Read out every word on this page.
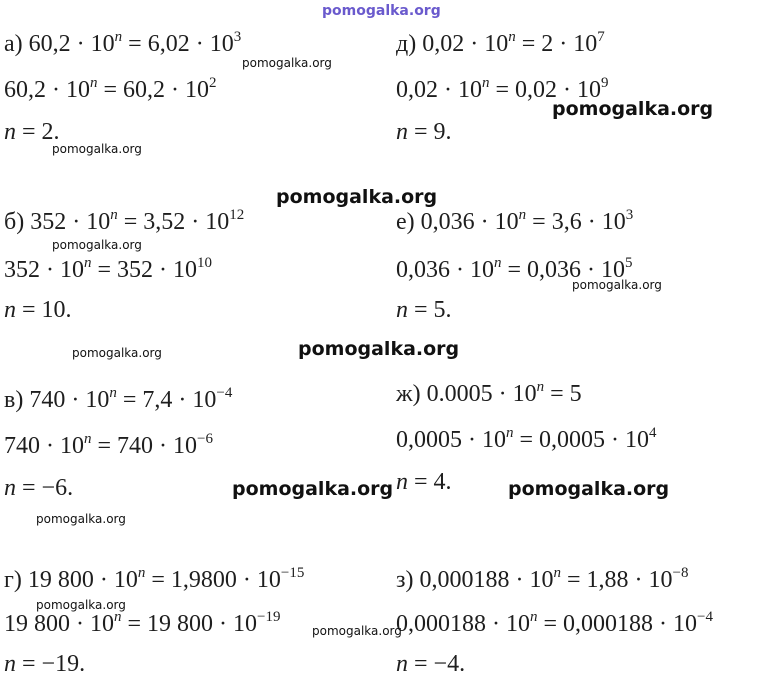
pomogalka.org
а) $60,2 \cdot 10^n = 6,02 \cdot 10^3$
$60,2 \cdot 10^n = 60,2 \cdot 10^2$
n = 2.
б) $352 \cdot 10^n = 3,52 \cdot 10^{12}$
$352 \cdot 10^n = 352 \cdot 10^{10}$
n = 10.
в) $740 \cdot 10^n = 7,4 \cdot 10^{-4}$
$740 \cdot 10^n = 740 \cdot 10^{-6}$
n = −6.
г) 19 $800 \cdot 10^n = 1,9800 \cdot 10^{-15}$
19 $800 \cdot 10^n = 19$ $800 \cdot 10^{-19}$
n = −19.
д) $0,02 \cdot 10^n = 2 \cdot 10^7$
$0,02 \cdot 10^n = 0,02 \cdot 10^9$
n = 9.
е) $0,036 \cdot 10^n = 3,6 \cdot 10^3$
$0,036 \cdot 10^n = 0,036 \cdot 10^5$
n = 5.
ж) $0.0005 \cdot 10^n = 5$
$0,0005 \cdot 10^n = 0,0005 \cdot 10^4$
n = 4.
з) $0,000188 \cdot 10^n = 1,88 \cdot 10^{-8}$
$0,000188 \cdot 10^n = 0,000188 \cdot 10^{-4}$
n = −4.
pomogalka.org
pomogalka.org
pomogalka.org
pomogalka.org
pomogalka.org
pomogalka.org
pomogalka.org	pomogalka.org
pomogalka.org	pomogalka.org
pomogalka.org
pomogalka.org
pomogalka.org
